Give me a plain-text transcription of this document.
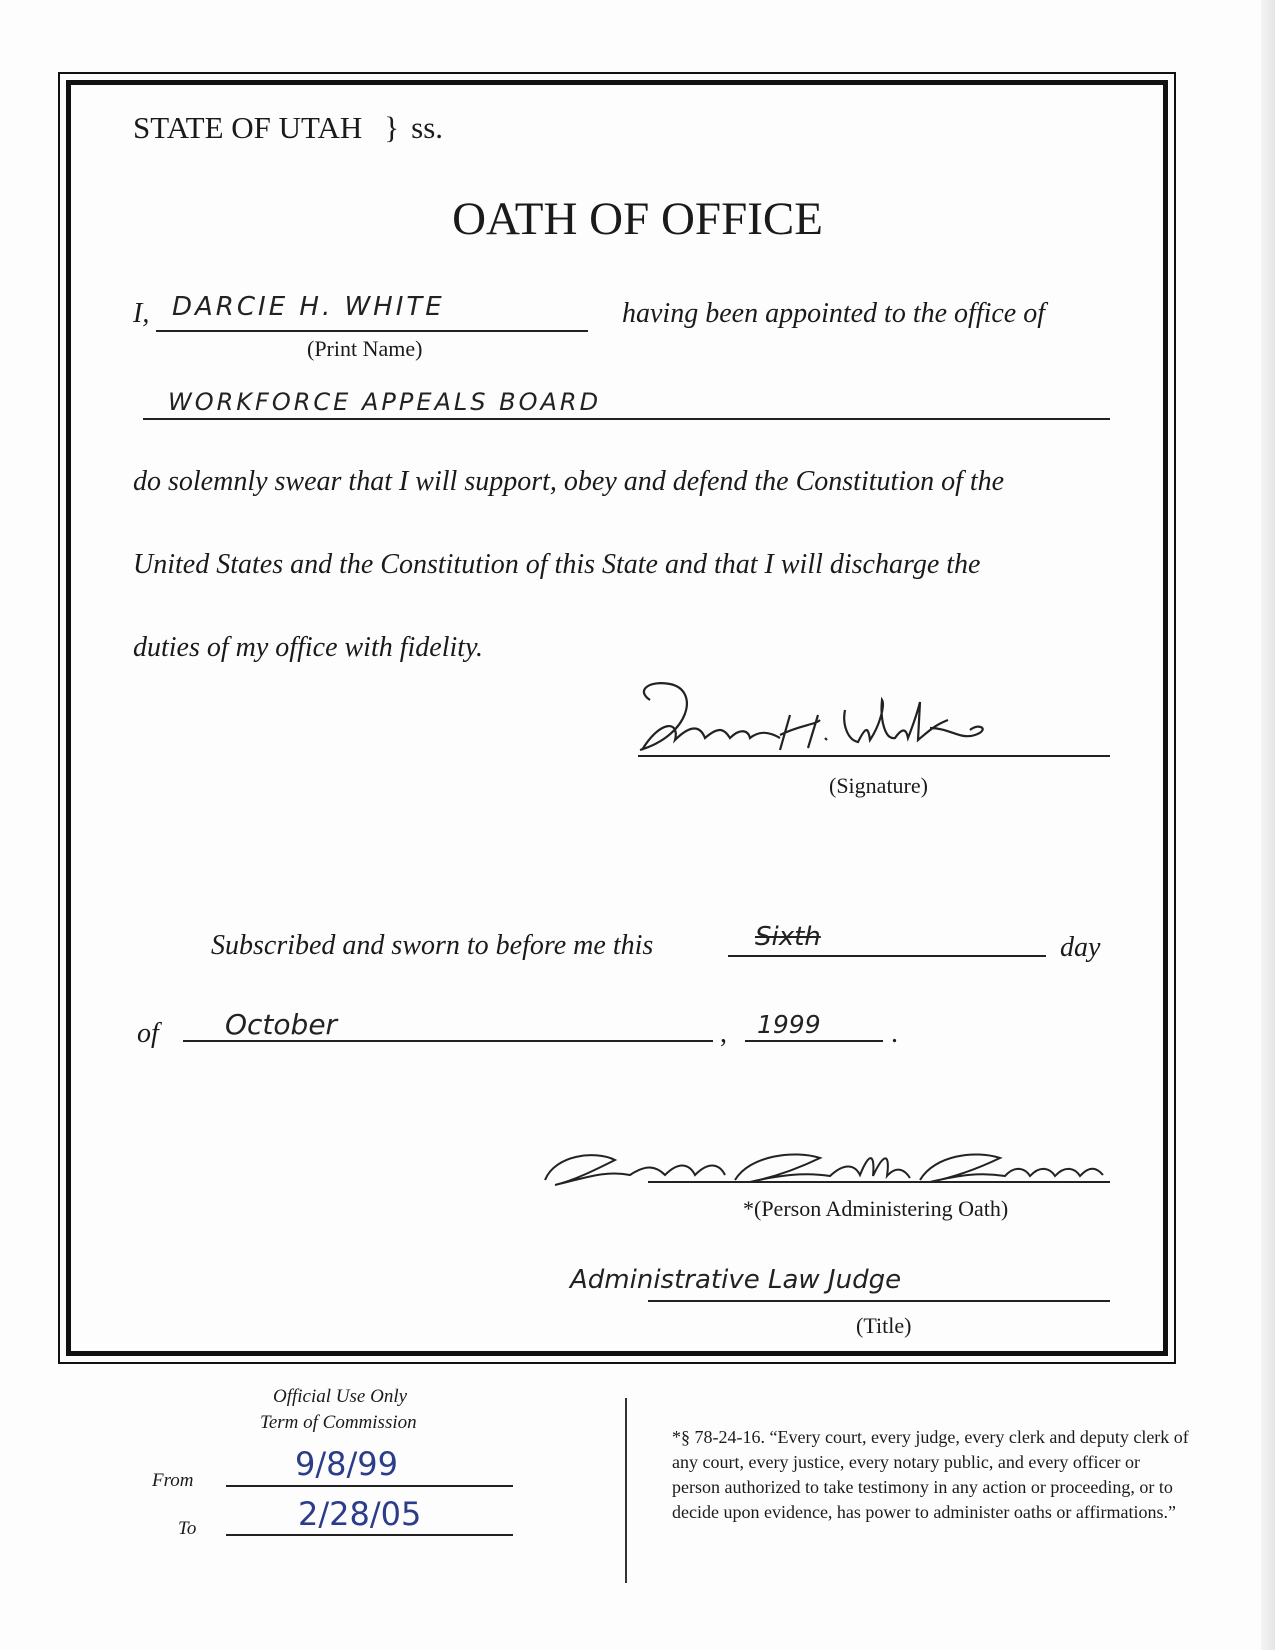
STATE OF UTAH } ss.
OATH OF OFFICE
I, DARCIE H. WHITE
(Print Name)
having been appointed to the office of
WORKFORCE APPEALS BOARD
do solemnly swear that I will support, obey and defend the Constitution of the
United States and the Constitution of this State and that I will discharge the
duties of my office with fidelity.
(Signature)
Subscribed and sworn to before me this	Sixth	day
of October	, 1999	.
*(Person Administering Oath)
Administrative Law Judge
(Title)
Official Use Only
Term of Commission
From	9/8/99
To	2/28/05
*§ 78-24-16. “Every court, every judge, every clerk and deputy clerk of any court, every justice, every notary public, and every officer or person authorized to take testimony in any action or proceeding, or to decide upon evidence, has power to administer oaths or affirmations.”
